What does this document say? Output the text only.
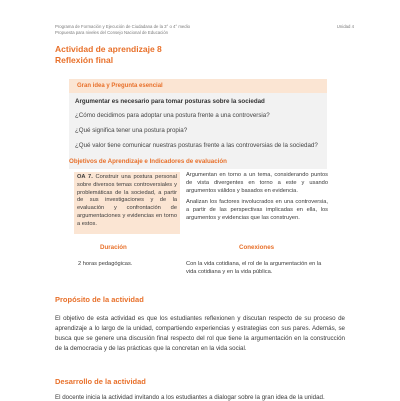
Programa de Formación y Ejecución de Ciudadana de la 3° o 4° medio
Propuesta para niveles del Consejo Nacional de Educación
Unidad 4
Actividad de aprendizaje 8
Reflexión final
Gran idea y Pregunta esencial
Argumentar es necesario para tomar posturas sobre la sociedad
¿Cómo decidimos para adoptar una postura frente a una controversia?
¿Qué significa tener una postura propia?
¿Qué valor tiene comunicar nuestras posturas frente a las controversias de la sociedad?
Objetivos de Aprendizaje e Indicadores de evaluación
OA 7. Construir una postura personal sobre diversos temas controversiales y problemáticas de la sociedad, a partir de sus investigaciones y de la evaluación y confrontación de argumentaciones y evidencias en torno a estos.

Argumentan en torno a un tema, considerando puntos de vista divergentes en torno a este y usando argumentos válidos y basados en evidencia.

Analizan los factores involucrados en una controversia, a partir de las perspectivas implicadas en ella, los argumentos y evidencias que las construyen.

Duración	Conexiones
2 horas pedagógicas.	Con la vida cotidiana, el rol de la argumentación en la vida cotidiana y en la vida pública.
Propósito de la actividad
El objetivo de esta actividad es que los estudiantes reflexionen y discutan respecto de su proceso de aprendizaje a lo largo de la unidad, compartiendo experiencias y estrategias con sus pares. Además, se busca que se genere una discusión final respecto del rol que tiene la argumentación en la construcción de la democracia y de las prácticas que la concretan en la vida social.
Desarrollo de la actividad
El docente inicia la actividad invitando a los estudiantes a dialogar sobre la gran idea de la unidad.
